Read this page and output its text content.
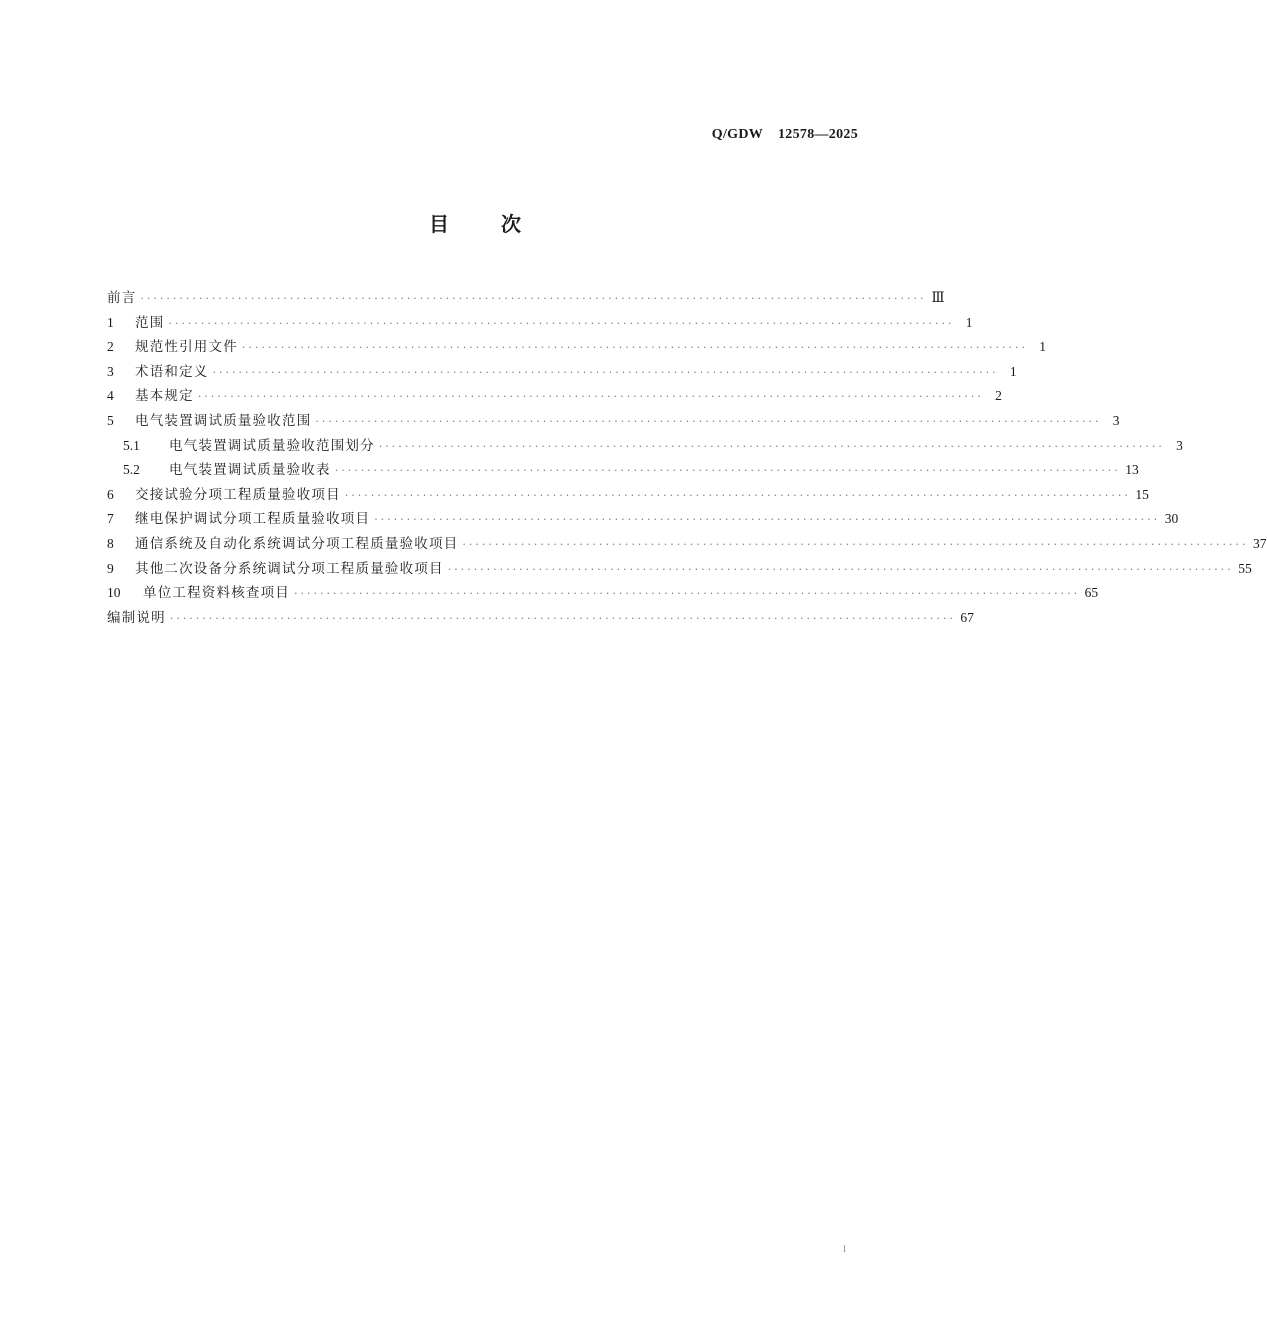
Q/GDW    12578—2025
目次
前言 ························································································································· Ⅲ
1	范围 ························································································································· 1
2	规范性引用文件 ························································································································· 1
3	术语和定义 ························································································································· 1
4	基本规定 ························································································································· 2
5	电气装置调试质量验收范围 ························································································································· 3
5.1	电气装置调试质量验收范围划分 ························································································································· 3
5.2	电气装置调试质量验收表 ························································································································· 13
6	交接试验分项工程质量验收项目 ························································································································· 15
7	继电保护调试分项工程质量验收项目 ························································································································· 30
8	通信系统及自动化系统调试分项工程质量验收项目 ························································································································· 37
9	其他二次设备分系统调试分项工程质量验收项目 ························································································································· 55
10	单位工程资料核查项目 ························································································································· 65
编制说明 ························································································································· 67
I
